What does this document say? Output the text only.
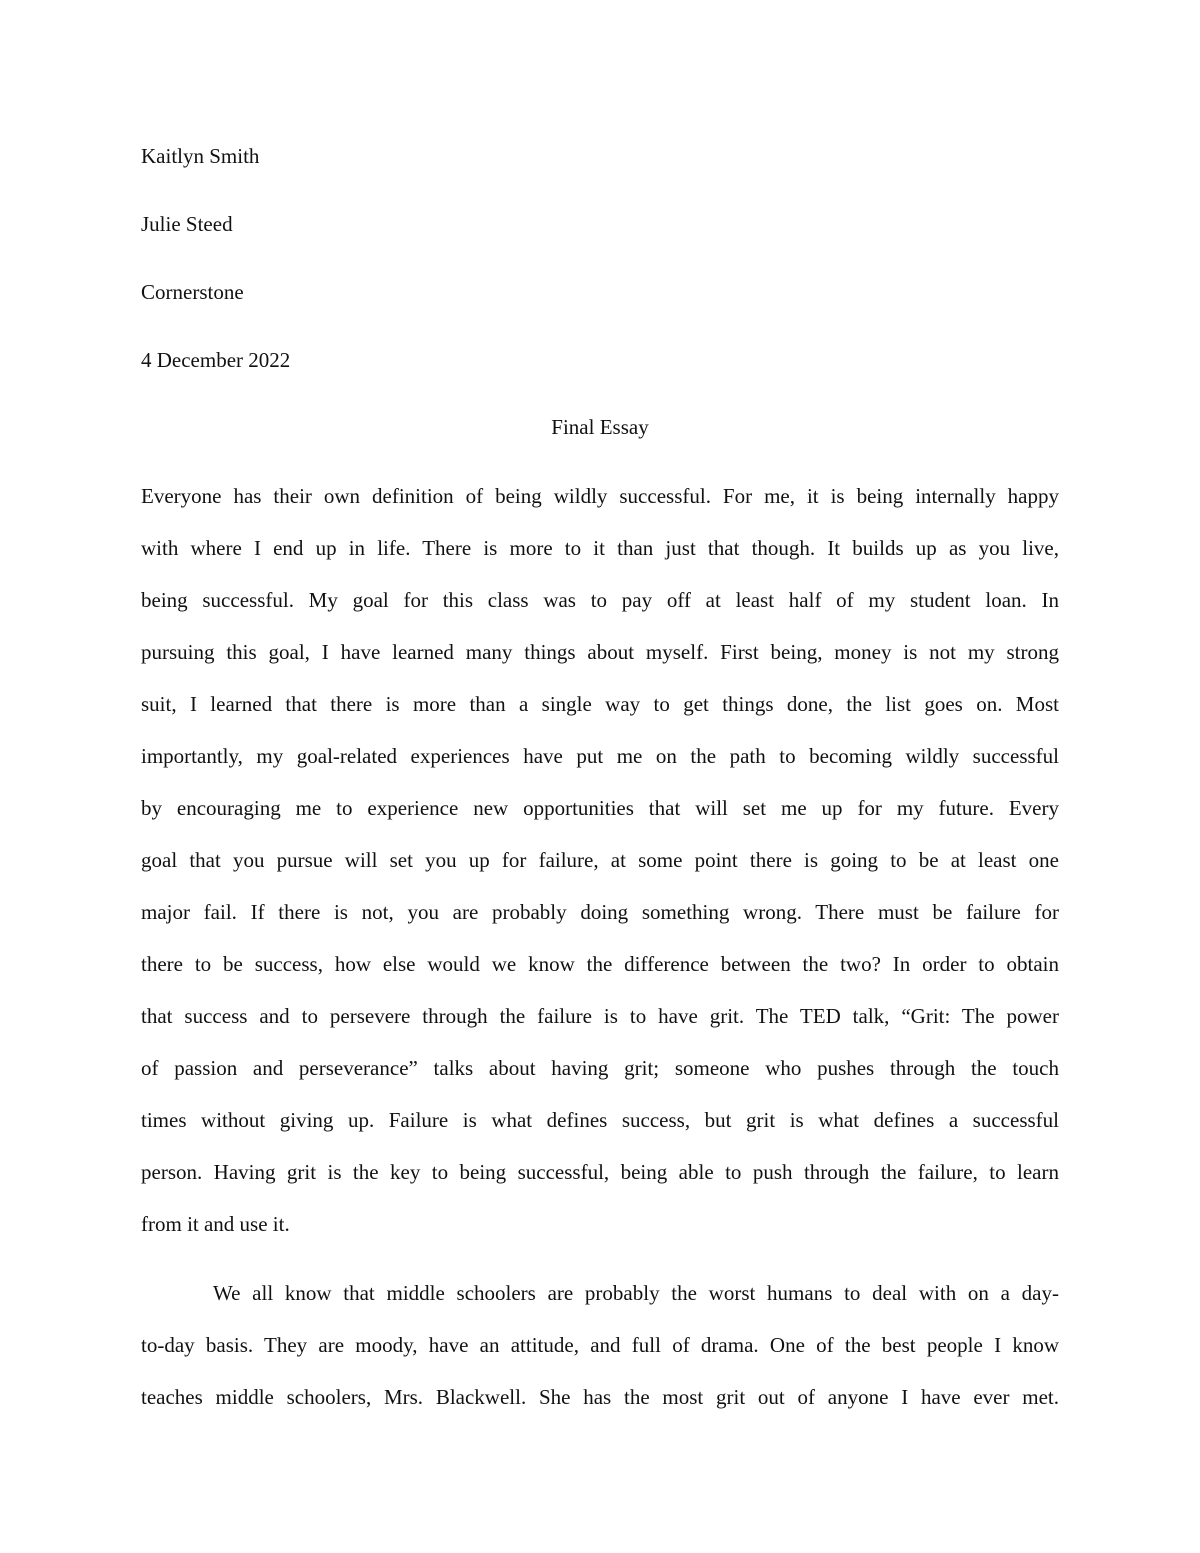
Kaitlyn Smith
Julie Steed
Cornerstone
4 December 2022
Final Essay
Everyone has their own definition of being wildly successful. For me, it is being internally happy
with where I end up in life. There is more to it than just that though. It builds up as you live,
being successful. My goal for this class was to pay off at least half of my student loan. In
pursuing this goal, I have learned many things about myself. First being, money is not my strong
suit, I learned that there is more than a single way to get things done, the list goes on. Most
importantly, my goal-related experiences have put me on the path to becoming wildly successful
by encouraging me to experience new opportunities that will set me up for my future. Every
goal that you pursue will set you up for failure, at some point there is going to be at least one
major fail. If there is not, you are probably doing something wrong. There must be failure for
there to be success, how else would we know the difference between the two? In order to obtain
that success and to persevere through the failure is to have grit. The TED talk, “Grit: The power
of passion and perseverance” talks about having grit; someone who pushes through the touch
times without giving up. Failure is what defines success, but grit is what defines a successful
person. Having grit is the key to being successful, being able to push through the failure, to learn
from it and use it.
We all know that middle schoolers are probably the worst humans to deal with on a day-
to-day basis. They are moody, have an attitude, and full of drama. One of the best people I know
teaches middle schoolers, Mrs. Blackwell. She has the most grit out of anyone I have ever met.
